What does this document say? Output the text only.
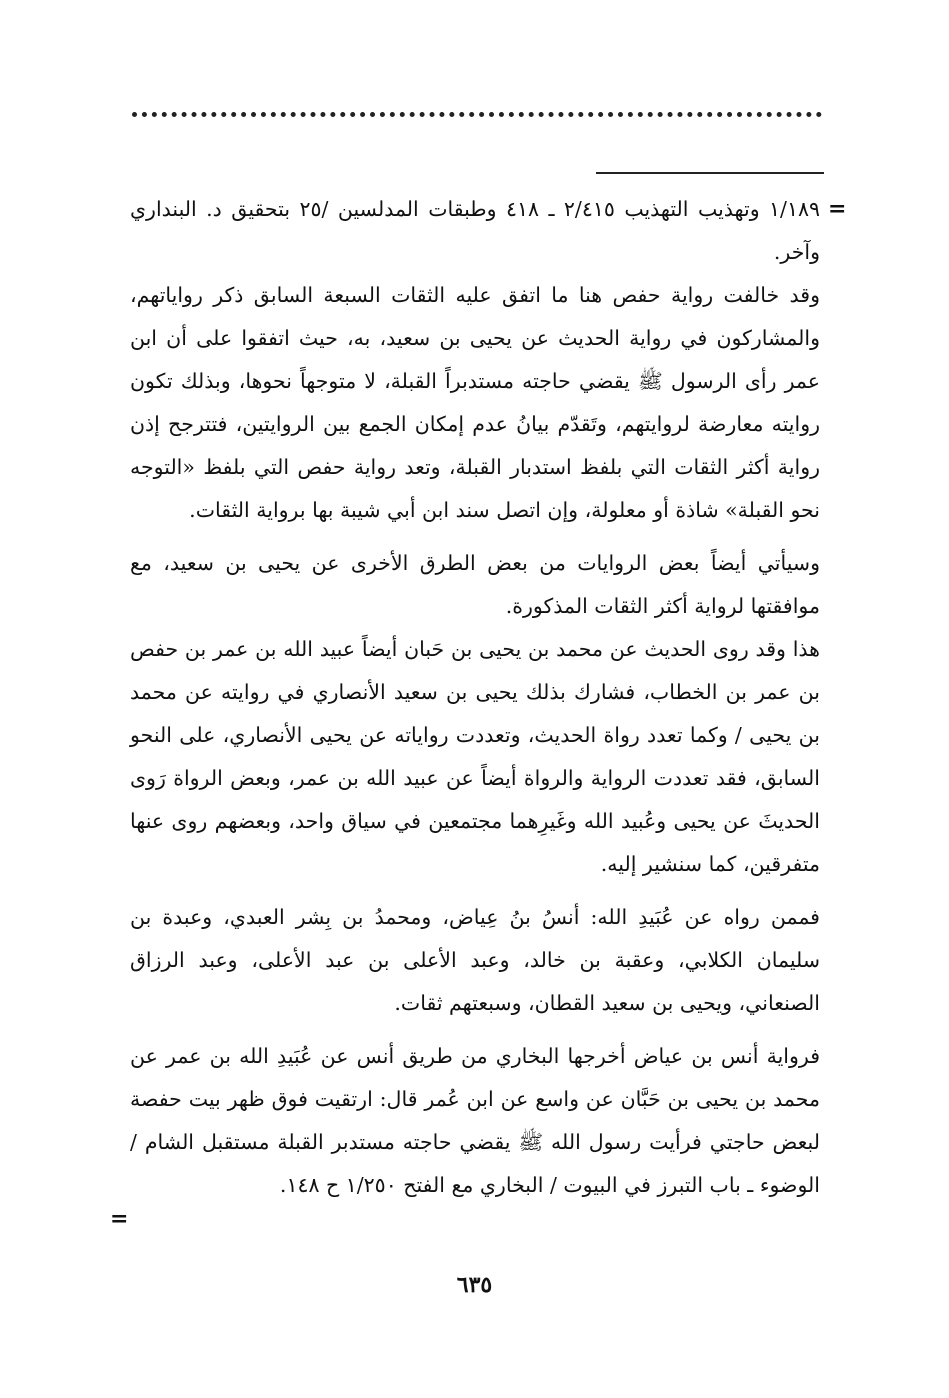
=

١/١٨٩ وتهذيب التهذيب ٢/٤١٥ ـ ٤١٨ وطبقات المدلسين /٢٥ بتحقيق د. البنداري وآخر.

وقد خالفت رواية حفص هنا ما اتفق عليه الثقات السبعة السابق ذكر رواياتهم، والمشاركون في رواية الحديث عن يحيى بن سعيد، به، حيث اتفقوا على أن ابن عمر رأى الرسول ﷺ يقضي حاجته مستدبراً القبلة، لا متوجهاً نحوها، وبذلك تكون روايته معارضة لروايتهم، وتَقدّم بيانُ عدم إمكان الجمع بين الروايتين، فتترجح إذن رواية أكثر الثقات التي بلفظ استدبار القبلة، وتعد رواية حفص التي بلفظ «التوجه نحو القبلة» شاذة أو معلولة، وإن اتصل سند ابن أبي شيبة بها برواية الثقات.

وسيأتي أيضاً بعض الروايات من بعض الطرق الأخرى عن يحيى بن سعيد، مع موافقتها لرواية أكثر الثقات المذكورة.

هذا وقد روى الحديث عن محمد بن يحيى بن حَبان أيضاً عبيد الله بن عمر بن حفص بن عمر بن الخطاب، فشارك بذلك يحيى بن سعيد الأنصاري في روايته عن محمد بن يحيى / وكما تعدد رواة الحديث، وتعددت رواياته عن يحيى الأنصاري، على النحو السابق، فقد تعددت الرواية والرواة أيضاً عن عبيد الله بن عمر، وبعض الرواة رَوى الحديثَ عن يحيى وعُبيد الله وغَيرِهما مجتمعين في سياق واحد، وبعضهم روى عنها متفرقين، كما سنشير إليه.

فممن رواه عن عُبَيدِ الله: أنسُ بنُ عِياض، ومحمدُ بن بِشر العبدي، وعبدة بن سليمان الكلابي، وعقبة بن خالد، وعبد الأعلى بن عبد الأعلى، وعبد الرزاق الصنعاني، ويحيى بن سعيد القطان، وسبعتهم ثقات.

فرواية أنس بن عياض أخرجها البخاري من طريق أنس عن عُبَيدِ الله بن عمر عن محمد بن يحيى بن حَبَّان عن واسع عن ابن عُمر قال: ارتقيت فوق ظهر بيت حفصة لبعض حاجتي فرأيت رسول الله ﷺ يقضي حاجته مستدبر القبلة مستقبل الشام / الوضوء ـ باب التبرز في البيوت / البخاري مع الفتح ١/٢٥٠ ح ١٤٨.

=
٦٣٥
